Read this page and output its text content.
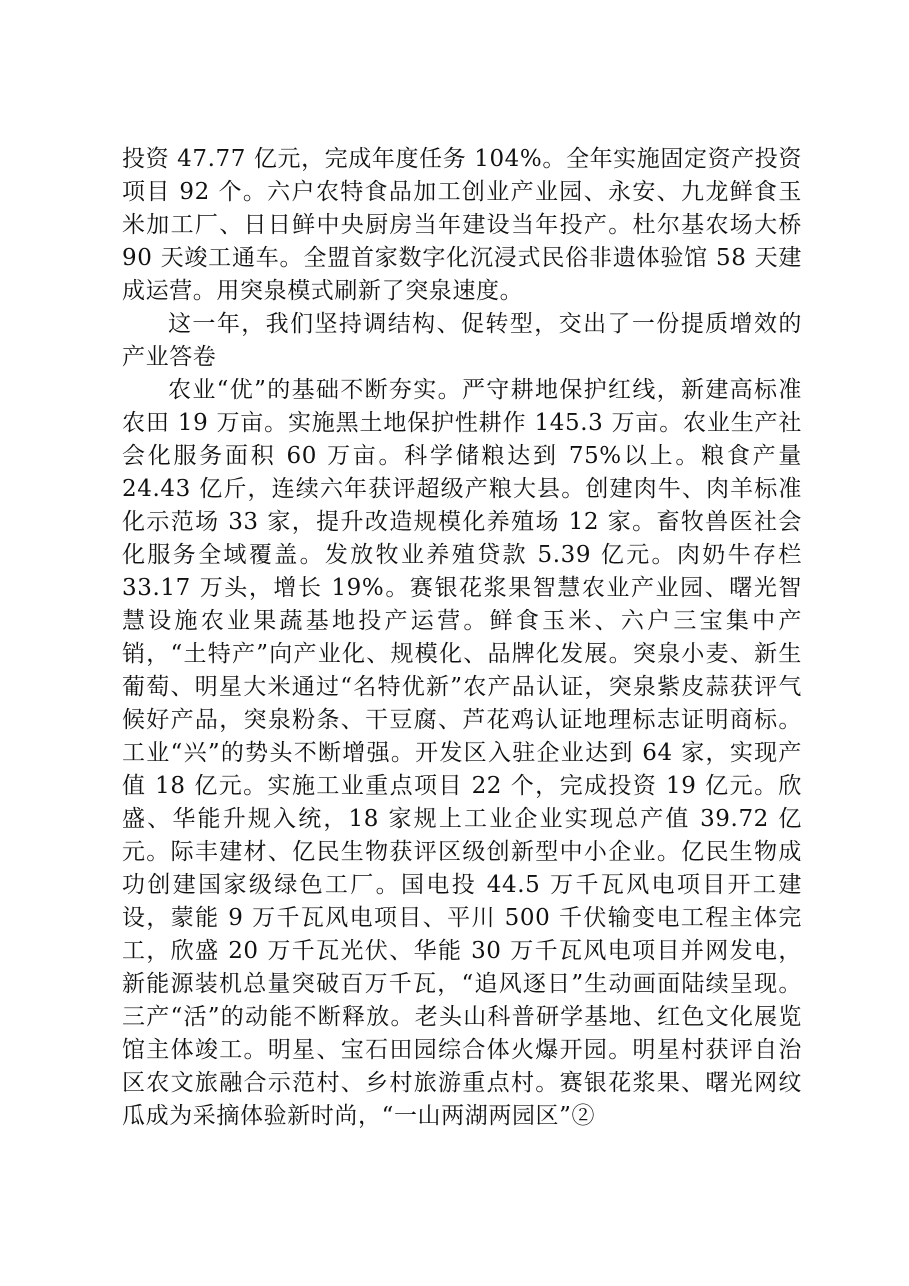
投资 47.77 亿元，完成年度任务 104%。全年实施固定资产投资项目 92 个。六户农特食品加工创业产业园、永安、九龙鲜食玉米加工厂、日日鲜中央厨房当年建设当年投产。杜尔基农场大桥 90 天竣工通车。全盟首家数字化沉浸式民俗非遗体验馆 58 天建成运营。用突泉模式刷新了突泉速度。

这一年，我们坚持调结构、促转型，交出了一份提质增效的产业答卷

农业“优”的基础不断夯实。严守耕地保护红线，新建高标准农田 19 万亩。实施黑土地保护性耕作 145.3 万亩。农业生产社会化服务面积 60 万亩。科学储粮达到 75%以上。粮食产量 24.43 亿斤，连续六年获评超级产粮大县。创建肉牛、肉羊标准化示范场 33 家，提升改造规模化养殖场 12 家。畜牧兽医社会化服务全域覆盖。发放牧业养殖贷款 5.39 亿元。肉奶牛存栏 33.17 万头，增长 19%。赛银花浆果智慧农业产业园、曙光智慧设施农业果蔬基地投产运营。鲜食玉米、六户三宝集中产销，“土特产”向产业化、规模化、品牌化发展。突泉小麦、新生葡萄、明星大米通过“名特优新”农产品认证，突泉紫皮蒜获评气候好产品，突泉粉条、干豆腐、芦花鸡认证地理标志证明商标。工业“兴”的势头不断增强。开发区入驻企业达到 64 家，实现产值 18 亿元。实施工业重点项目 22 个，完成投资 19 亿元。欣盛、华能升规入统，18 家规上工业企业实现总产值 39.72 亿元。际丰建材、亿民生物获评区级创新型中小企业。亿民生物成功创建国家级绿色工厂。国电投 44.5 万千瓦风电项目开工建设，蒙能 9 万千瓦风电项目、平川 500 千伏输变电工程主体完工，欣盛 20 万千瓦光伏、华能 30 万千瓦风电项目并网发电，新能源装机总量突破百万千瓦，“追风逐日”生动画面陆续呈现。三产“活”的动能不断释放。老头山科普研学基地、红色文化展览馆主体竣工。明星、宝石田园综合体火爆开园。明星村获评自治区农文旅融合示范村、乡村旅游重点村。赛银花浆果、曙光网纹瓜成为采摘体验新时尚，“一山两湖两园区”②
